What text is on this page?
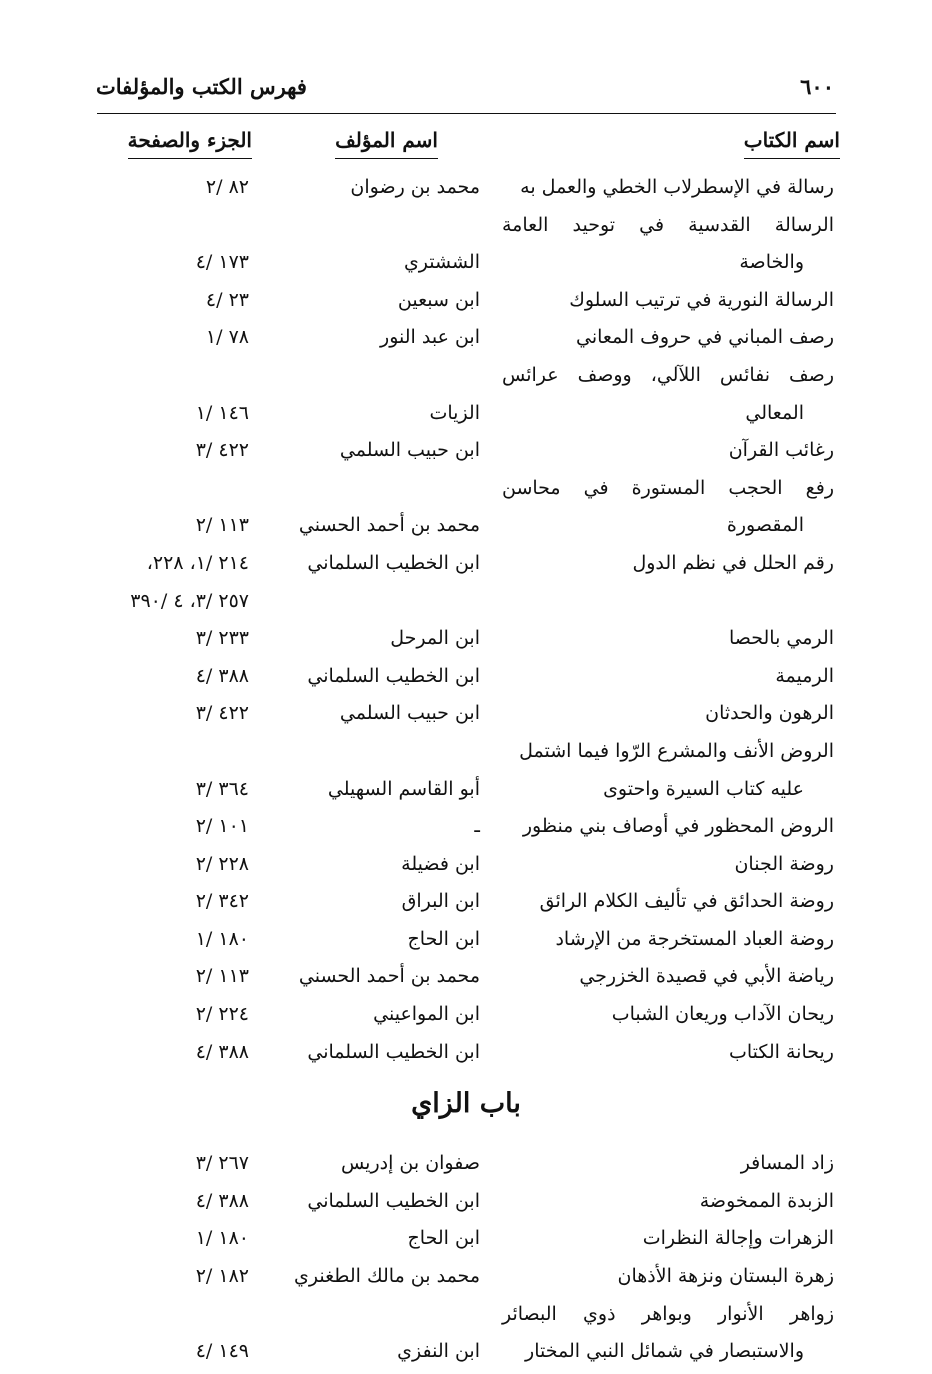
فهرس الكتب والمؤلفات	٦٠٠
اسم الكتاب
اسم المؤلف
الجزء والصفحة
رسالة في الإسطرلاب الخطي والعمل به
محمد بن رضوان
٨٢ /٢
الرسالة القدسية في توحيد العامة
والخاصة
الششتري
١٧٣ /٤
الرسالة النورية في ترتيب السلوك
ابن سبعين
٢٣ /٤
رصف المباني في حروف المعاني
ابن عبد النور
٧٨ /١
رصف نفائس اللآلي، ووصف عرائس
المعالي
الزيات
١٤٦ /١
رغائب القرآن
ابن حبيب السلمي
٤٢٢ /٣
رفع الحجب المستورة في محاسن
المقصورة
محمد بن أحمد الحسني
١١٣ /٢
رقم الحلل في نظم الدول
ابن الخطيب السلماني
٢١٤ /١، ٢٢٨،
٢٥٧ /٣، ٤ /٣٩٠
الرمي بالحصا
ابن المرحل
٢٣٣ /٣
الرميمة
ابن الخطيب السلماني
٣٨٨ /٤
الرهون والحدثان
ابن حبيب السلمي
٤٢٢ /٣
الروض الأنف والمشرع الرّوا فيما اشتمل
عليه كتاب السيرة واحتوى
أبو القاسم السهيلي
٣٦٤ /٣
الروض المحظور في أوصاف بني منظور
ـ
١٠١ /٢
روضة الجنان
ابن فضيلة
٢٢٨ /٢
روضة الحدائق في تأليف الكلام الرائق
ابن البراق
٣٤٢ /٢
روضة العباد المستخرجة من الإرشاد
ابن الحاج
١٨٠ /١
رياضة الأبي في قصيدة الخزرجي
محمد بن أحمد الحسني
١١٣ /٢
ريحان الآداب وريعان الشباب
ابن المواعيني
٢٢٤ /٢
ريحانة الكتاب
ابن الخطيب السلماني
٣٨٨ /٤
باب الزاي
زاد المسافر
صفوان بن إدريس
٢٦٧ /٣
الزبدة الممخوضة
ابن الخطيب السلماني
٣٨٨ /٤
الزهرات وإجالة النظرات
ابن الحاج
١٨٠ /١
زهرة البستان ونزهة الأذهان
محمد بن مالك الطغنري
١٨٢ /٢
زواهر الأنوار وبواهر ذوي البصائر
والاستبصار في شمائل النبي المختار
ابن النفزي
١٤٩ /٤
